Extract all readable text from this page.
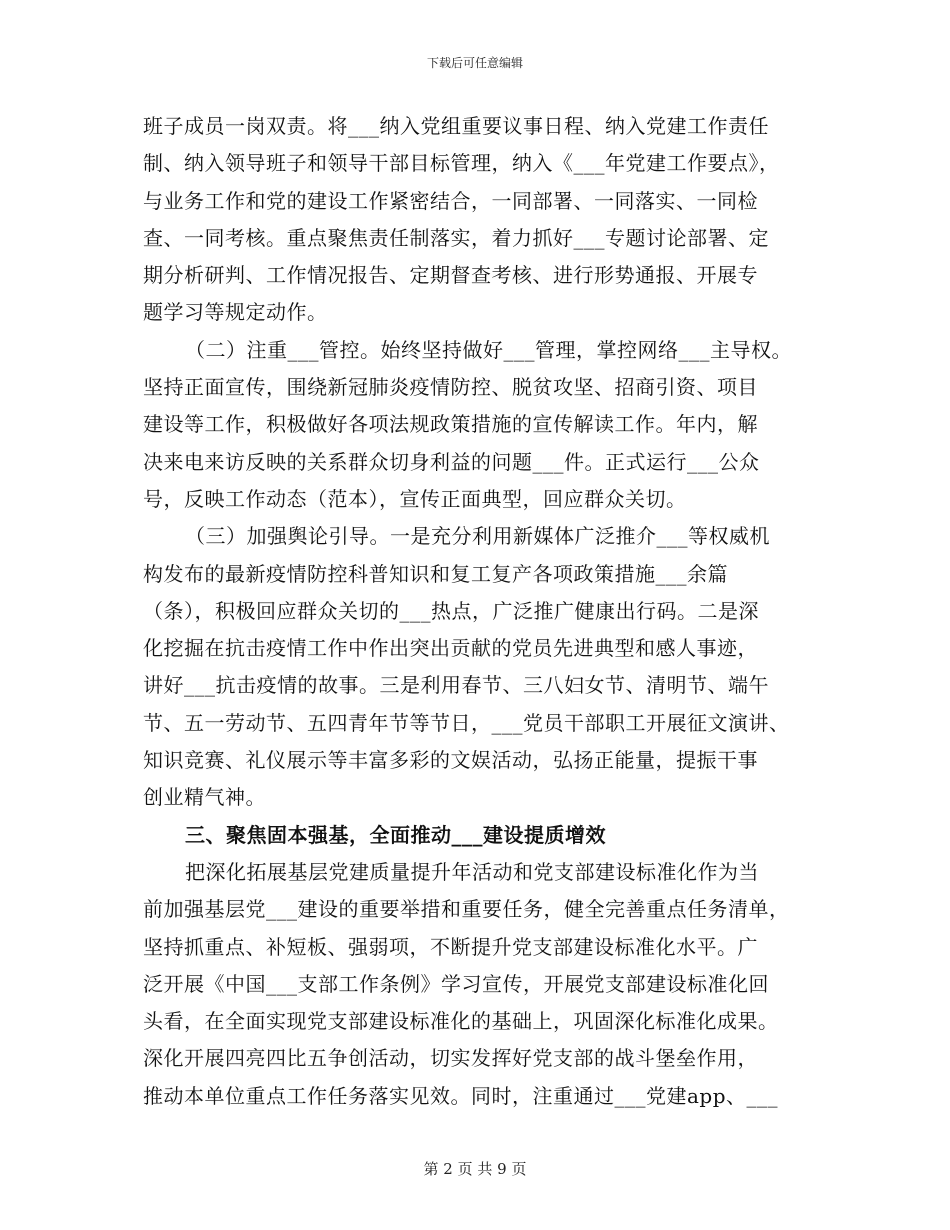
下载后可任意编辑
班子成员一岗双责。将___纳入党组重要议事日程、纳入党建工作责任
制、纳入领导班子和领导干部目标管理，纳入《___年党建工作要点》，
与业务工作和党的建设工作紧密结合，一同部署、一同落实、一同检
查、一同考核。重点聚焦责任制落实，着力抓好___专题讨论部署、定
期分析研判、工作情况报告、定期督查考核、进行形势通报、开展专
题学习等规定动作。
（二）注重___管控。始终坚持做好___管理，掌控网络___主导权。
坚持正面宣传，围绕新冠肺炎疫情防控、脱贫攻坚、招商引资、项目
建设等工作，积极做好各项法规政策措施的宣传解读工作。年内，解
决来电来访反映的关系群众切身利益的问题___件。正式运行___公众
号，反映工作动态（范本），宣传正面典型，回应群众关切。
（三）加强舆论引导。一是充分利用新媒体广泛推介___等权威机
构发布的最新疫情防控科普知识和复工复产各项政策措施___余篇
（条），积极回应群众关切的___热点，广泛推广健康出行码。二是深
化挖掘在抗击疫情工作中作出突出贡献的党员先进典型和感人事迹，
讲好___抗击疫情的故事。三是利用春节、三八妇女节、清明节、端午
节、五一劳动节、五四青年节等节日，___党员干部职工开展征文演讲、
知识竞赛、礼仪展示等丰富多彩的文娱活动，弘扬正能量，提振干事
创业精气神。
三、聚焦固本强基，全面推动___建设提质增效
把深化拓展基层党建质量提升年活动和党支部建设标准化作为当
前加强基层党___建设的重要举措和重要任务，健全完善重点任务清单，
坚持抓重点、补短板、强弱项，不断提升党支部建设标准化水平。广
泛开展《中国___支部工作条例》学习宣传，开展党支部建设标准化回
头看，在全面实现党支部建设标准化的基础上，巩固深化标准化成果。
深化开展四亮四比五争创活动，切实发挥好党支部的战斗堡垒作用，
推动本单位重点工作任务落实见效。同时，注重通过___党建app、___
第 2 页 共 9 页
